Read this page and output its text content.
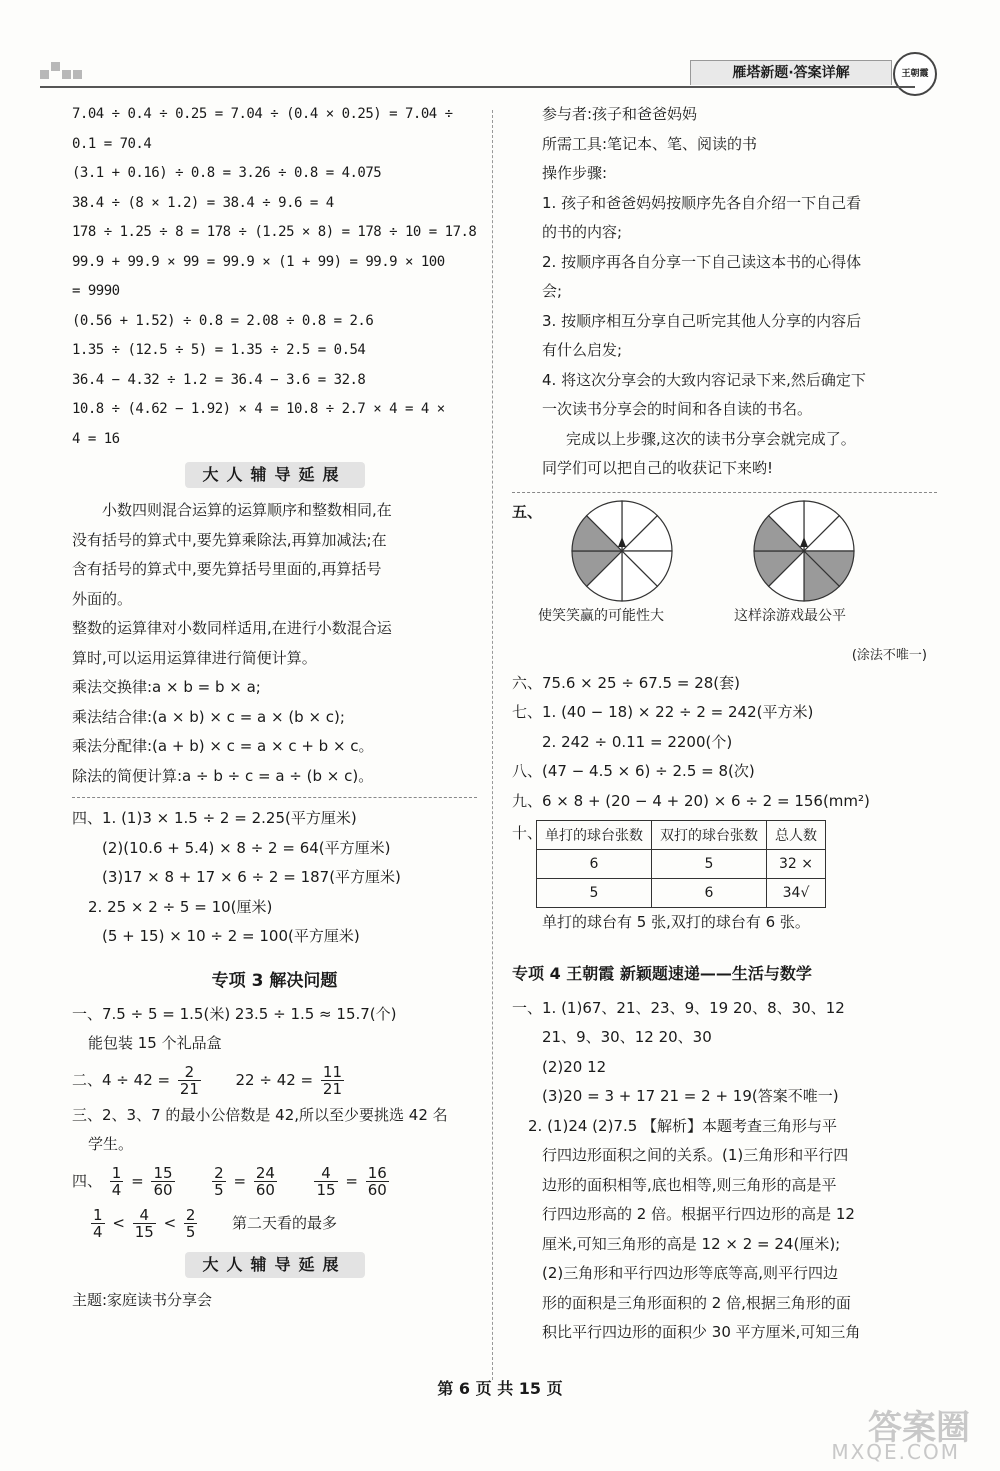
雁塔新题·答案详解	王朝霞
7.04 ÷ 0.4 ÷ 0.25 = 7.04 ÷ (0.4 × 0.25) = 7.04 ÷
0.1 = 70.4
(3.1 + 0.16) ÷ 0.8 = 3.26 ÷ 0.8 = 4.075
38.4 ÷ (8 × 1.2) = 38.4 ÷ 9.6 = 4
178 ÷ 1.25 ÷ 8 = 178 ÷ (1.25 × 8) = 178 ÷ 10 = 17.8
99.9 + 99.9 × 99 = 99.9 × (1 + 99) = 99.9 × 100
= 9990
(0.56 + 1.52) ÷ 0.8 = 2.08 ÷ 0.8 = 2.6
1.35 ÷ (12.5 ÷ 5) = 1.35 ÷ 2.5 = 0.54
36.4 − 4.32 ÷ 1.2 = 36.4 − 3.6 = 32.8
10.8 ÷ (4.62 − 1.92) × 4 = 10.8 ÷ 2.7 × 4 = 4 ×
4 = 16
大人辅导延展
小数四则混合运算的运算顺序和整数相同,在
没有括号的算式中,要先算乘除法,再算加减法;在
含有括号的算式中,要先算括号里面的,再算括号
外面的。
整数的运算律对小数同样适用,在进行小数混合运
算时,可以运用运算律进行简便计算。
乘法交换律:a × b = b × a;
乘法结合律:(a × b) × c = a × (b × c);
乘法分配律:(a + b) × c = a × c + b × c。
除法的简便计算:a ÷ b ÷ c = a ÷ (b × c)。
四、1. (1)3 × 1.5 ÷ 2 = 2.25(平方厘米)
(2)(10.6 + 5.4) × 8 ÷ 2 = 64(平方厘米)
(3)17 × 8 + 17 × 6 ÷ 2 = 187(平方厘米)
2. 25 × 2 ÷ 5 = 10(厘米)
(5 + 15) × 10 ÷ 2 = 100(平方厘米)
专项 3 解决问题
一、7.5 ÷ 5 = 1.5(米) 23.5 ÷ 1.5 ≈ 15.7(个)
能包装 15 个礼品盒
二、$4 \div 42 = \frac{2}{21} 22 \div 42 = \frac{11}{21}$
三、2、3、7 的最小公倍数是 42,所以至少要挑选 42 名
学生。
四、 $\frac{1}{4} = \frac{15}{60}$
	$\frac{2}{5} = \frac{24}{60}$
	$\frac{4}{15} = \frac{16}{60}$
$\frac{1}{4} < \frac{4}{15} < \frac{2}{5}$ 第二天看的最多
大人辅导延展
主题:家庭读书分享会
参与者:孩子和爸爸妈妈
所需工具:笔记本、笔、阅读的书
操作步骤:
1. 孩子和爸爸妈妈按顺序先各自介绍一下自己看
的书的内容;
2. 按顺序再各自分享一下自己读这本书的心得体
会;
3. 按顺序相互分享自己听完其他人分享的内容后
有什么启发;
4. 将这次分享会的大致内容记录下来,然后确定下
一次读书分享会的时间和各自读的书名。
完成以上步骤,这次的读书分享会就完成了。
同学们可以把自己的收获记下来哟!
五、
使笑笑赢的可能性大	这样涂游戏最公平
(涂法不唯一)
六、75.6 × 25 ÷ 67.5 = 28(套)
七、1. (40 − 18) × 22 ÷ 2 = 242(平方米)
2. 242 ÷ 0.11 = 2200(个)
八、(47 − 4.5 × 6) ÷ 2.5 = 8(次)
九、6 × 8 + (20 − 4 + 20) × 6 ÷ 2 = 156(mm²)
十、 单打的球台张数	双打的球台张数	总人数
6	5	32 ×
5	6	34√
单打的球台有 5 张,双打的球台有 6 张。
专项 4 王朝霞 新颖题速递——生活与数学
一、1. (1)67、21、23、9、19 20、8、30、12
21、9、30、12 20、30
(2)20 12
(3)20 = 3 + 17 21 = 2 + 19(答案不唯一)
2. (1)24 (2)7.5 【解析】本题考查三角形与平
行四边形面积之间的关系。(1)三角形和平行四
边形的面积相等,底也相等,则三角形的高是平
行四边形高的 2 倍。根据平行四边形的高是 12
厘米,可知三角形的高是 12 × 2 = 24(厘米);
(2)三角形和平行四边形等底等高,则平行四边
形的面积是三角形面积的 2 倍,根据三角形的面
积比平行四边形的面积少 30 平方厘米,可知三角
第 6 页 共 15 页
答案圈
MXQE.COM
